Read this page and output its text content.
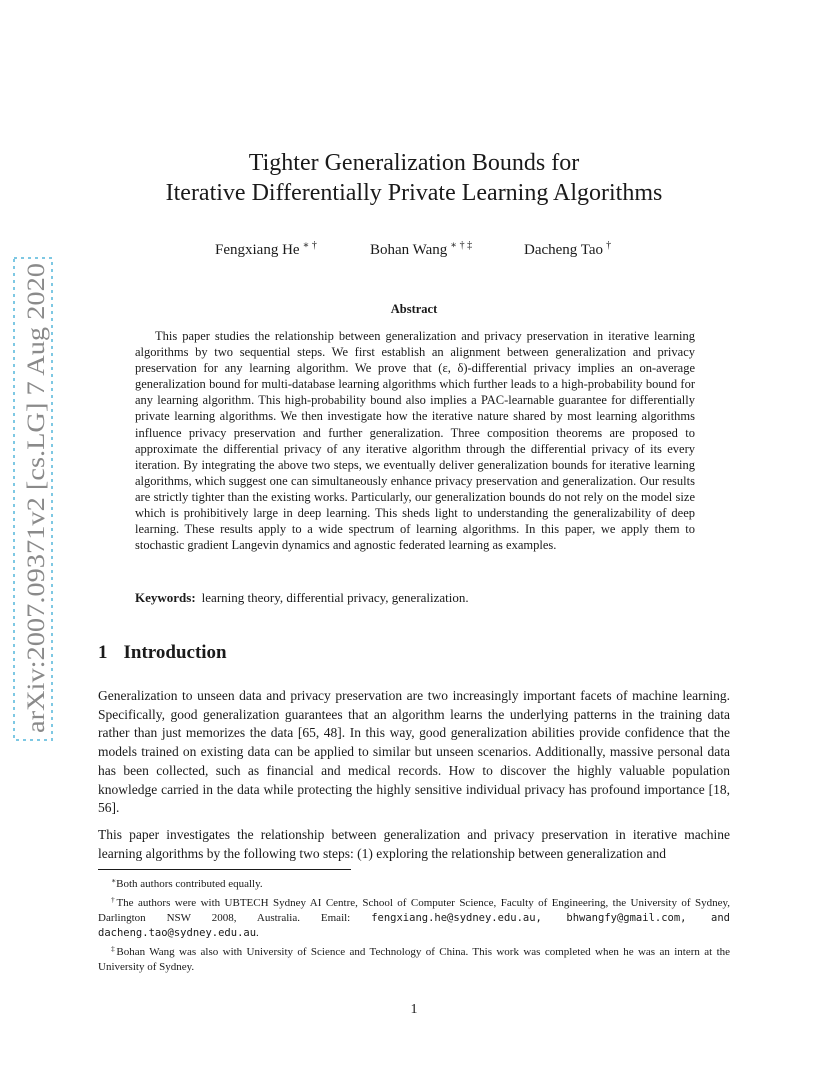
arXiv:2007.09371v2 [cs.LG] 7 Aug 2020
Tighter Generalization Bounds for
Iterative Differentially Private Learning Algorithms
Fengxiang He ∗ †	Bohan Wang ∗ † ‡	Dacheng Tao †
Abstract

This paper studies the relationship between generalization and privacy preservation in iterative learning algorithms by two sequential steps. We first establish an alignment between generalization and privacy preservation for any learning algorithm. We prove that (ε, δ)-differential privacy implies an on-average generalization bound for multi-database learning algorithms which further leads to a high-probability bound for any learning algorithm. This high-probability bound also implies a PAC-learnable guarantee for differentially private learning algorithms. We then investigate how the iterative nature shared by most learning algorithms influence privacy preservation and further generalization. Three composition theorems are proposed to approximate the differential privacy of any iterative algorithm through the differential privacy of its every iteration. By integrating the above two steps, we eventually deliver generalization bounds for iterative learning algorithms, which suggest one can simultaneously enhance privacy preservation and generalization. Our results are strictly tighter than the existing works. Particularly, our generalization bounds do not rely on the model size which is prohibitively large in deep learning. This sheds light to understanding the generalizability of deep learning. These results apply to a wide spectrum of learning algorithms. In this paper, we apply them to stochastic gradient Langevin dynamics and agnostic federated learning as examples.

Keywords: learning theory, differential privacy, generalization.
1 Introduction

Generalization to unseen data and privacy preservation are two increasingly important facets of machine learning. Specifically, good generalization guarantees that an algorithm learns the underlying patterns in the training data rather than just memorizes the data [65, 48]. In this way, good generalization abilities provide confidence that the models trained on existing data can be applied to similar but unseen scenarios. Additionally, massive personal data has been collected, such as financial and medical records. How to discover the highly valuable population knowledge carried in the data while protecting the highly sensitive individual privacy has profound importance [18, 56].

This paper investigates the relationship between generalization and privacy preservation in iterative machine learning algorithms by the following two steps: (1) exploring the relationship between generalization and

∗Both authors contributed equally.

†The authors were with UBTECH Sydney AI Centre, School of Computer Science, Faculty of Engineering, the University of Sydney, Darlington NSW 2008, Australia. Email: fengxiang.he@sydney.edu.au, bhwangfy@gmail.com, and dacheng.tao@sydney.edu.au.

‡Bohan Wang was also with University of Science and Technology of China. This work was completed when he was an intern at the University of Sydney.

1
